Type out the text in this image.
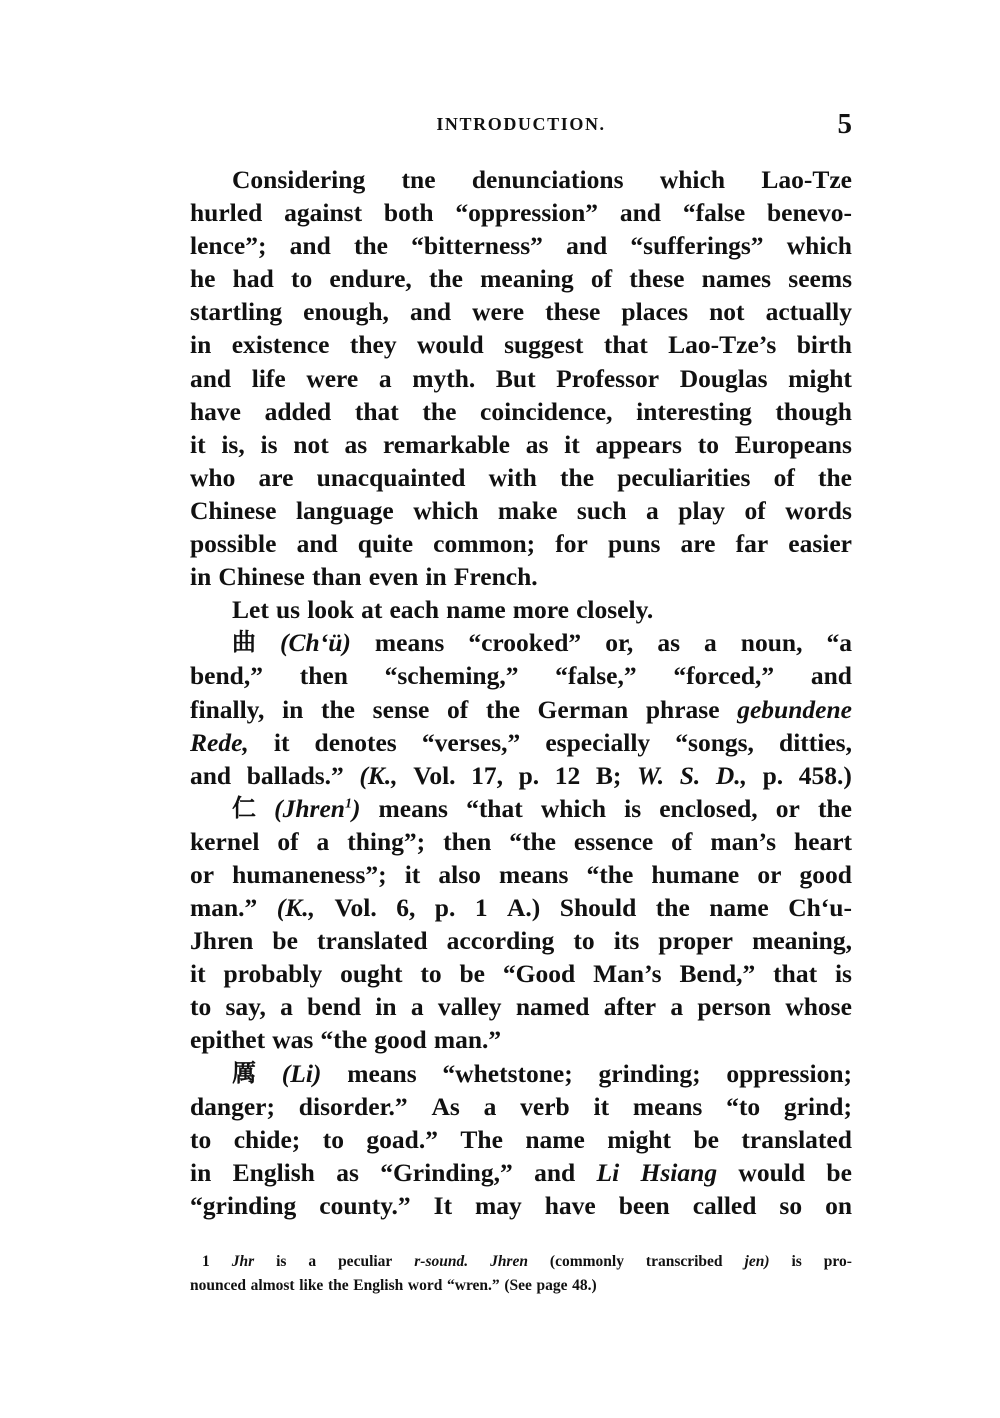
INTRODUCTION.	5
Considering tne denunciations which Lao-Tze
hurled against both “oppression” and “false benevo-
lence”; and the “bitterness” and “sufferings” which
he had to endure, the meaning of these names seems
startling enough, and were these places not actually
in existence they would suggest that Lao-Tze’s birth
and life were a myth. But Professor Douglas might
have added that the coincidence, interesting though
it is, is not as remarkable as it appears to Europeans
who are unacquainted with the peculiarities of the
Chinese language which make such a play of words
possible and quite common; for puns are far easier
in Chinese than even in French.
Let us look at each name more closely.
曲 (Ch‘ü) means “crooked” or, as a noun, “a
bend,” then “scheming,” “false,” “forced,” and
finally, in the sense of the German phrase gebundene
Rede, it denotes “verses,” especially “songs, ditties,
and ballads.” (K., Vol. 17, p. 12 B; W. S. D., p. 458.)
仁 (Jhren$^1$) means “that which is enclosed, or the
kernel of a thing”; then “the essence of man’s heart
or humaneness”; it also means “the humane or good
man.” (K., Vol. 6, p. 1 A.) Should the name Ch‘u-
Jhren be translated according to its proper meaning,
it probably ought to be “Good Man’s Bend,” that is
to say, a bend in a valley named after a person whose
epithet was “the good man.”
厲 (Li) means “whetstone; grinding; oppression;
danger; disorder.” As a verb it means “to grind;
to chide; to goad.” The name might be translated
in English as “Grinding,” and Li Hsiang would be
“grinding county.” It may have been called so on
1 Jhr is a peculiar r-sound. Jhren (commonly transcribed jen) is pro-
nounced almost like the English word “wren.” (See page 48.)
